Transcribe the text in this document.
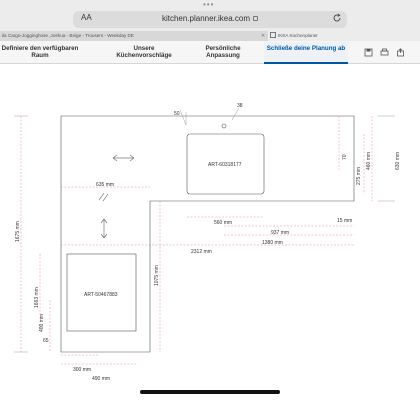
•••
AA	kitchen.planner.ikea.com
ila Cargo-Jogginghose ,Joshua - Beige - Trousers - Weekday DE	✕	IKEA Küchenplaner
Definiere den verfügbaren Raum
Unsere Küchenvorschläge
Persönliche Anpassung
Schließe deine Planung ab
635 mm
560 mm
937 mm
1380 mm
2312 mm
300 mm
490 mm
15 mm
1675 mm
1663 mm
400 mm
1075 mm
630 mm
460 mm
275 mm
65
50
38
70
ART-60318177
ART-50467883
